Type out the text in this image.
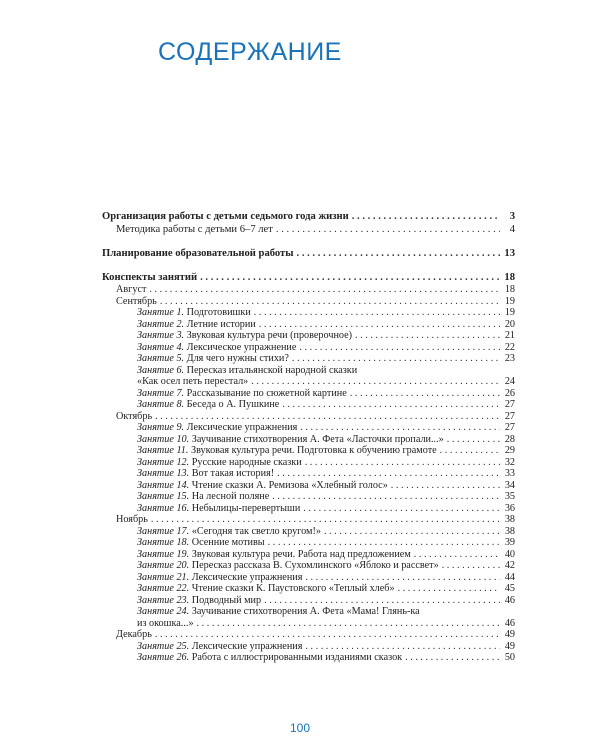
СОДЕРЖАНИЕ
Организация работы с детьми седьмого года жизни . . .	3
Методика работы с детьми 6–7 лет . . .	4
Планирование образовательной работы . . .	13
Конспекты занятий . . .	18
Август . . .	18
Сентябрь . . .	19
Занятие 1. Подготовишки . . .	19
Занятие 2. Летние истории . . .	20
Занятие 3. Звуковая культура речи (проверочное) . . .	21
Занятие 4. Лексическое упражнение . . .	22
Занятие 5. Для чего нужны стихи? . . .	23
Занятие 6. Пересказ итальянской народной сказки
«Как осел петь перестал» . . .	24
Занятие 7. Рассказывание по сюжетной картине . . .	26
Занятие 8. Беседа о А. Пушкине . . .	27
Октябрь . . .	27
Занятие 9. Лексические упражнения . . .	27
Занятие 10. Заучивание стихотворения А. Фета «Ласточки пропали...» . . .	28
Занятие 11. Звуковая культура речи. Подготовка к обучению грамоте . . .	29
Занятие 12. Русские народные сказки . . .	32
Занятие 13. Вот такая история! . . .	33
Занятие 14. Чтение сказки А. Ремизова «Хлебный голос» . . .	34
Занятие 15. На лесной поляне . . .	35
Занятие 16. Небылицы-перевертыши . . .	36
Ноябрь . . .	38
Занятие 17. «Сегодня так светло кругом!» . . .	38
Занятие 18. Осенние мотивы . . .	39
Занятие 19. Звуковая культура речи. Работа над предложением . . .	40
Занятие 20. Пересказ рассказа В. Сухомлинского «Яблоко и рассвет» . . .	42
Занятие 21. Лексические упражнения . . .	44
Занятие 22. Чтение сказки К. Паустовского «Теплый хлеб» . . .	45
Занятие 23. Подводный мир . . .	46
Занятие 24. Заучивание стихотворения А. Фета «Мама! Глянь-ка
из окошка...» . . .	46
Декабрь . . .	49
Занятие 25. Лексические упражнения . . .	49
Занятие 26. Работа с иллюстрированными изданиями сказок . . .	50
100
